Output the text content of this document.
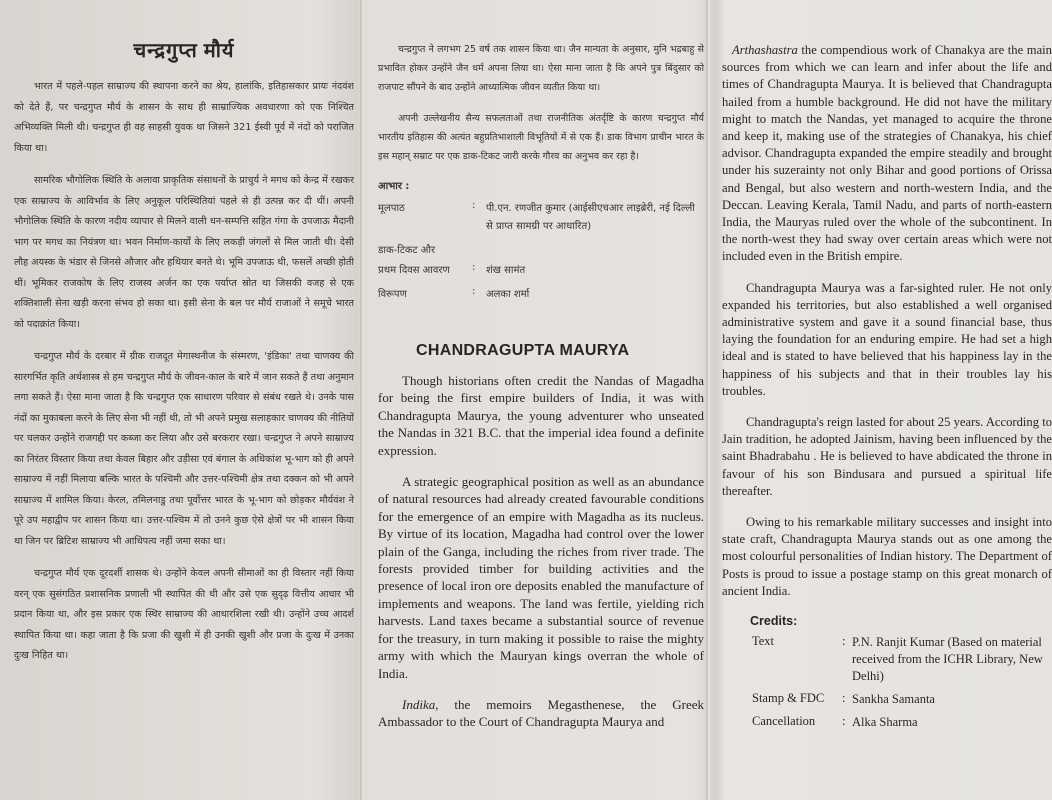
चन्द्रगुप्त मौर्य

भारत में पहले-पहल साम्राज्य की स्थापना करने का श्रेय, हालांकि, इतिहासकार प्रायः नंदवंश को देते हैं, पर चन्द्रगुप्त मौर्य के शासन के साथ ही साम्राज्यिक अवधारणा को एक निश्चित अभिव्यक्ति मिली थी। चन्द्रगुप्त ही वह साहसी युवक था जिसने 321 ईस्वी पूर्व में नंदों को पराजित किया था।

सामरिक भौगोलिक स्थिति के अलावा प्राकृतिक संसाधनों के प्राचुर्य ने मगध को केन्द्र में रखकर एक साम्राज्य के आविर्भाव के लिए अनुकूल परिस्थितियां पहले से ही उत्पन्न कर दी थीं। अपनी भौगोलिक स्थिति के कारण नदीय व्यापार से मिलने वाली धन-सम्पत्ति सहित गंगा के उपजाऊ मैदानी भाग पर मगध का नियंत्रण था। भवन निर्माण-कार्यों के लिए लकड़ी जंगलों से मिल जाती थी। देसी लौह अयस्क के भंडार से जिनसे औजार और हथियार बनते थे। भूमि उपजाऊ थी, फसलें अच्छी होती थीं। भूमिकर राजकोष के लिए राजस्व अर्जन का एक पर्याप्त स्रोत था जिसकी वजह से एक शक्तिशाली सेना खड़ी करना संभव हो सका था। इसी सेना के बल पर मौर्य राजाओं ने समूचे भारत को पदाक्रांत किया।

चन्द्रगुप्त मौर्य के दरबार में ग्रीक राजदूत मेगास्थनीज के संस्मरण, 'इंडिका' तथा चाणक्य की सारगर्भित कृति अर्थशास्त्र से हम चन्द्रगुप्त मौर्य के जीवन-काल के बारे में जान सकते हैं तथा अनुमान लगा सकते हैं। ऐसा माना जाता है कि चन्द्रगुप्त एक साधारण परिवार से संबंध रखते थे। उनके पास नंदों का मुकाबला करने के लिए सेना भी नहीं थी, तो भी अपने प्रमुख सलाहकार चाणक्य की नीतियों पर चलकर उन्होंने राजगद्दी पर कब्जा कर लिया और उसे बरकरार रखा। चन्द्रगुप्त ने अपने साम्राज्य का निरंतर विस्तार किया तथा केवल बिहार और उड़ीसा एवं बंगाल के अधिकांश भू-भाग को ही अपने साम्राज्य में नहीं मिलाया बल्कि भारत के पश्चिमी और उत्तर-पश्चिमी क्षेत्र तथा दक्कन को भी अपने साम्राज्य में शामिल किया। केरल, तमिलनाडु तथा पूर्वोत्तर भारत के भू-भाग को छोड़कर मौर्यवंश ने पूरे उप महाद्वीप पर शासन किया था। उत्तर-पश्चिम में तो उनने कुछ ऐसे क्षेत्रों पर भी शासन किया था जिन पर ब्रिटिश साम्राज्य भी आधिपत्य नहीं जमा सका था।

चन्द्रगुप्त मौर्य एक दूरदर्शी शासक थे। उन्होंने केवल अपनी सीमाओं का ही विस्तार नहीं किया वरन् एक सुसंगठित प्रशासनिक प्रणाली भी स्थापित की थी और उसे एक सुदृढ़ वित्तीय आधार भी प्रदान किया था, और इस प्रकार एक स्थिर साम्राज्य की आधारशिला रखी थी। उन्होंने उच्च आदर्श स्थापित किया था। कहा जाता है कि प्रजा की खुशी में ही उनकी खुशी और प्रजा के दुःख में उनका दुःख निहित था।

चन्द्रगुप्त ने लगभग 25 वर्ष तक शासन किया था। जैन मान्यता के अनुसार, मुनि भद्रबाहु से प्रभावित होकर उन्होंने जैन धर्म अपना लिया था। ऐसा माना जाता है कि अपने पुत्र बिंदुसार को राजपाट सौंपने के बाद उन्होंने आध्यात्मिक जीवन व्यतीत किया था।

अपनी उल्लेखनीय सैन्य सफलताओं तथा राजनीतिक अंतर्दृष्टि के कारण चन्द्रगुप्त मौर्य भारतीय इतिहास की अत्यंत बहुप्रतिभाशाली विभूतियों में से एक हैं। डाक विभाग प्राचीन भारत के इस महान् सम्राट पर एक डाक-टिकट जारी करके गौरव का अनुभव कर रहा है।

आभार :
मूलपाठ	:	पी.एन. रणजीत कुमार (आईसीएचआर लाइब्रेरी, नई दिल्ली से प्राप्त सामग्री पर आधारित)
डाक-टिकट और
प्रथम दिवस आवरण	:	शंख सामंत
विरूपण	:	अलका शर्मा
CHANDRAGUPTA MAURYA

Though historians often credit the Nandas of Magadha for being the first empire builders of India, it was with Chandragupta Maurya, the young adventurer who unseated the Nandas in 321 B.C. that the imperial idea found a definite expression.

A strategic geographical position as well as an abundance of natural resources had already created favourable conditions for the emergence of an empire with Magadha as its nucleus. By virtue of its location, Magadha had control over the lower plain of the Ganga, including the riches from river trade. The forests provided timber for building activities and the presence of local iron ore deposits enabled the manufacture of implements and weapons. The land was fertile, yielding rich harvests. Land taxes became a substantial source of revenue for the treasury, in turn making it possible to raise the mighty army with which the Mauryan kings overran the whole of India.

Indika, the memoirs Megasthenese, the Greek Ambassador to the Court of Chandragupta Maurya and

Arthashastra the compendious work of Chanakya are the main sources from which we can learn and infer about the life and times of Chandragupta Maurya. It is believed that Chandragupta hailed from a humble background. He did not have the military might to match the Nandas, yet managed to acquire the throne and keep it, making use of the strategies of Chanakya, his chief advisor. Chandragupta expanded the empire steadily and brought under his suzerainty not only Bihar and good portions of Orissa and Bengal, but also western and north-western India, and the Deccan. Leaving Kerala, Tamil Nadu, and parts of north-eastern India, the Mauryas ruled over the whole of the subcontinent. In the north-west they had sway over certain areas which were not included even in the British empire.

Chandragupta Maurya was a far-sighted ruler. He not only expanded his territories, but also established a well organised administrative system and gave it a sound financial base, thus laying the foundation for an enduring empire. He had set a high ideal and is stated to have believed that his happiness lay in the happiness of his subjects and that in their troubles lay his troubles.

Chandragupta's reign lasted for about 25 years. According to Jain tradition, he adopted Jainism, having been influenced by the saint Bhadrabahu . He is believed to have abdicated the throne in favour of his son Bindusara and pursued a spiritual life thereafter.

Owing to his remarkable military successes and insight into state craft, Chandragupta Maurya stands out as one among the most colourful personalities of Indian history. The Department of Posts is proud to issue a postage stamp on this great monarch of ancient India.

Credits:
Text	: P.N. Ranjit Kumar (Based on material received from the ICHR Library, New Delhi)
Stamp & FDC	: Sankha Samanta
Cancellation	: Alka Sharma
